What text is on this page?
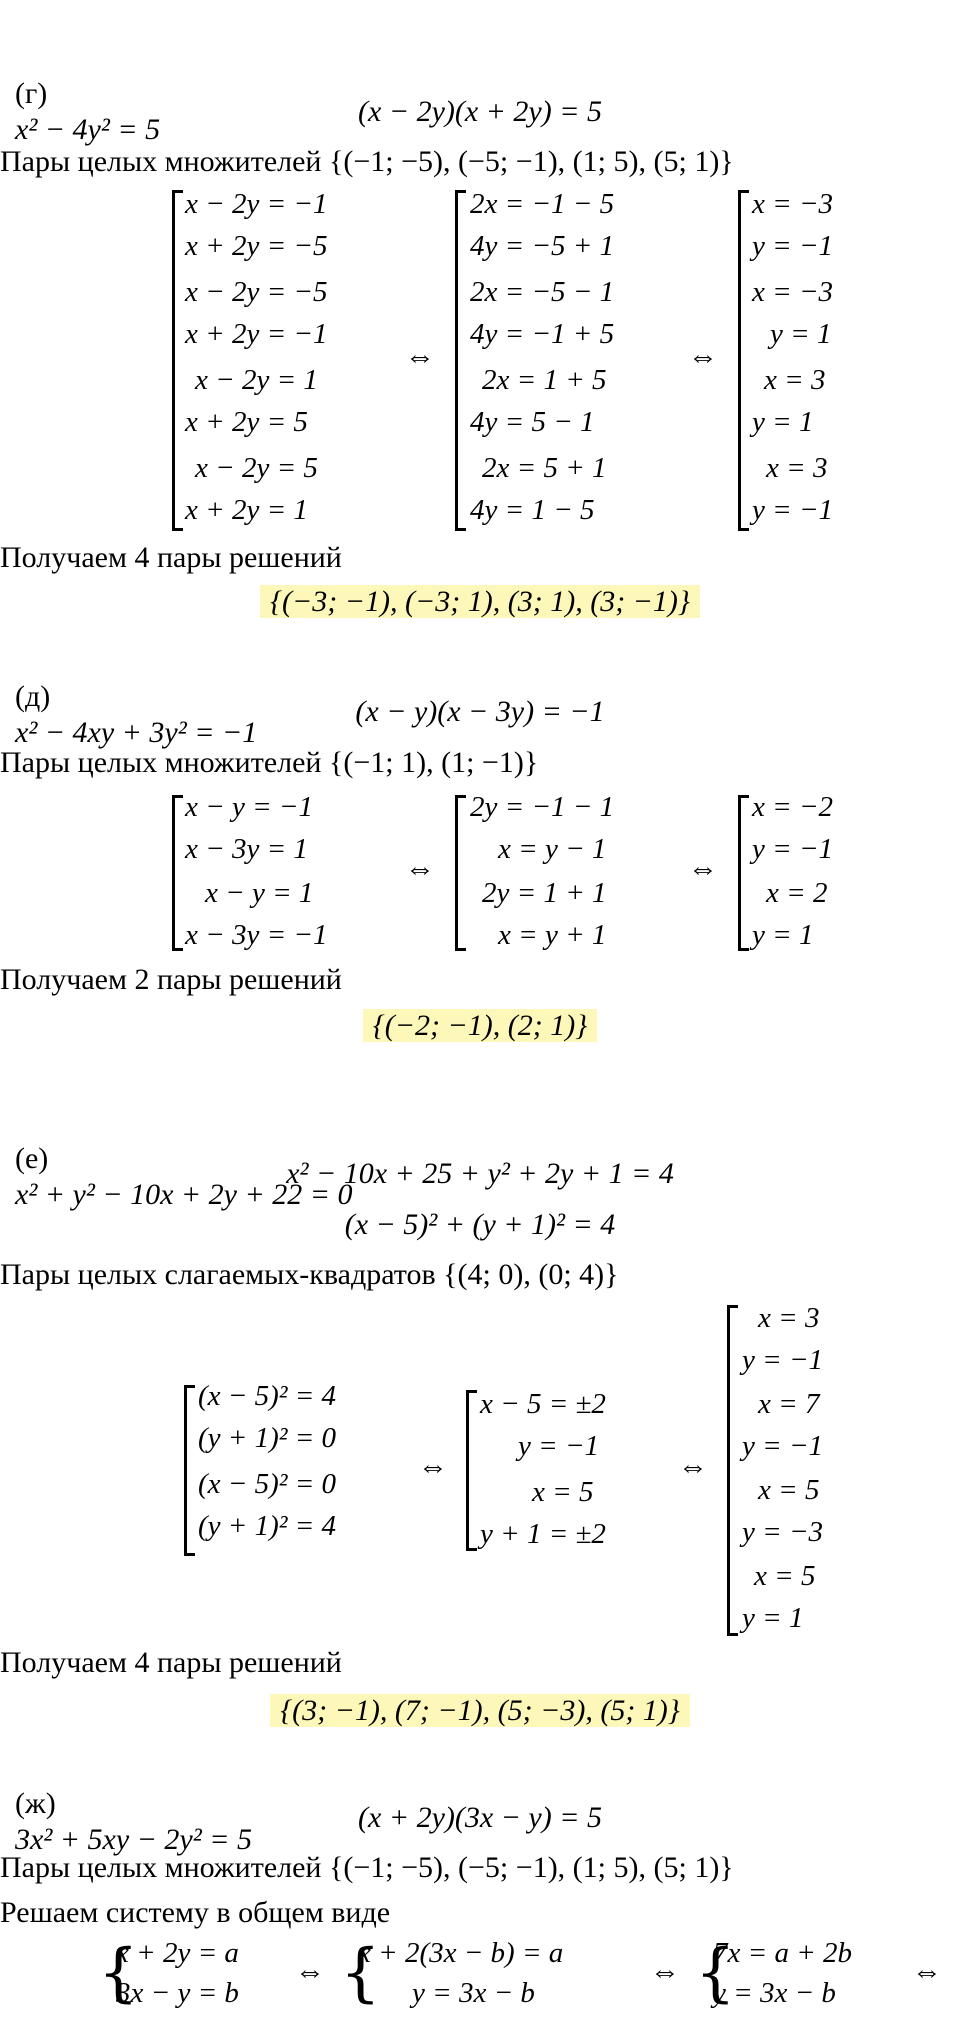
(г)
x² − 4y² = 5

(x − 2y)(x + 2y) = 5
Пары целых множителей {(−1; −5), (−5; −1), (1; 5), (5; 1)}
x − 2y = −1
x + 2y = −5
x − 2y = −5
x + 2y = −1
x − 2y = 1
x + 2y = 5
x − 2y = 5
x + 2y = 1
⇔
2x = −1 − 5
4y = −5 + 1
2x = −5 − 1
4y = −1 + 5
2x = 1 + 5
4y = 5 − 1
2x = 5 + 1
4y = 1 − 5
⇔
x = −3
y = −1
x = −3
y = 1
x = 3
y = 1
x = 3
y = −1
Получаем 4 пары решений
{(−3; −1), (−3; 1), (3; 1), (3; −1)}

(д)
x² − 4xy + 3y² = −1

(x − y)(x − 3y) = −1
Пары целых множителей {(−1; 1), (1; −1)}
x − y = −1
x − 3y = 1
x − y = 1
x − 3y = −1
⇔
2y = −1 − 1
x = y − 1
2y = 1 + 1
x = y + 1
⇔
x = −2
y = −1
x = 2
y = 1
Получаем 2 пары решений
{(−2; −1), (2; 1)}

(е)
x² + y² − 10x + 2y + 22 = 0

x² − 10x + 25 + y² + 2y + 1 = 4
(x − 5)² + (y + 1)² = 4
Пары целых слагаемых-квадратов {(4; 0), (0; 4)}
(x − 5)² = 4
(y + 1)² = 0
(x − 5)² = 0
(y + 1)² = 4
⇔
x − 5 = ±2
y = −1
x = 5
y + 1 = ±2
⇔
x = 3
y = −1
x = 7
y = −1
x = 5
y = −3
x = 5
y = 1
Получаем 4 пары решений
{(3; −1), (7; −1), (5; −3), (5; 1)}

(ж)
3x² + 5xy − 2y² = 5

(x + 2y)(3x − y) = 5
Пары целых множителей {(−1; −5), (−5; −1), (1; 5), (5; 1)}
Решаем систему в общем виде
{
x + 2y = a
3x − y = b
⇔ {
x + 2(3x − b) = a
y = 3x − b
⇔ {
7x = a + 2b
y = 3x − b
⇔
